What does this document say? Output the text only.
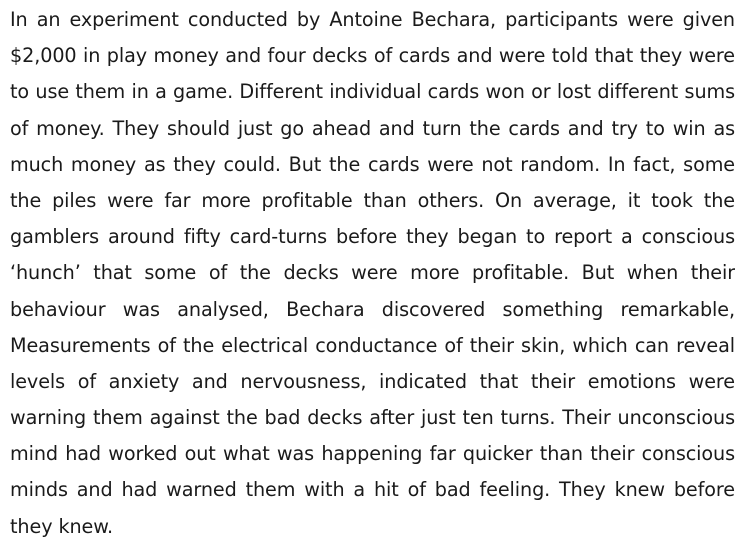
In an experiment conducted by Antoine Bechara, participants were given
$2,000 in play money and four decks of cards and were told that they were
to use them in a game. Different individual cards won or lost different sums
of money. They should just go ahead and turn the cards and try to win as
much money as they could. But the cards were not random. In fact, some
the piles were far more profitable than others. On average, it took the
gamblers around fifty card-turns before they began to report a conscious
‘hunch’ that some of the decks were more profitable. But when their
behaviour was analysed, Bechara discovered something remarkable,
Measurements of the electrical conductance of their skin, which can reveal
levels of anxiety and nervousness, indicated that their emotions were
warning them against the bad decks after just ten turns. Their unconscious
mind had worked out what was happening far quicker than their conscious
minds and had warned them with a hit of bad feeling. They knew before
they knew.
